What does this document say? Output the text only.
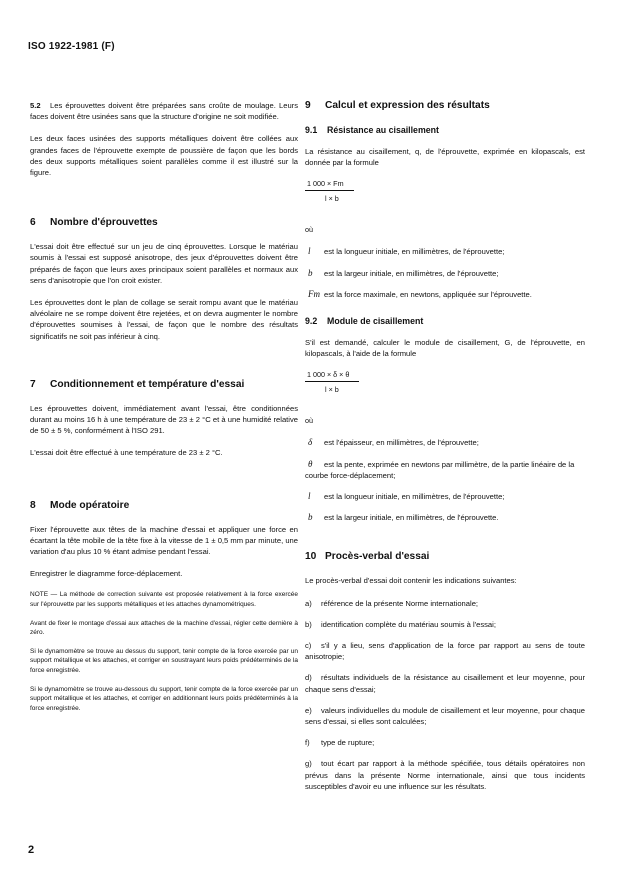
ISO 1922-1981 (F)

5.2 Les éprouvettes doivent être préparées sans croûte de moulage. Leurs faces doivent être usinées sans que la structure d'origine ne soit modifiée.

Les deux faces usinées des supports métalliques doivent être collées aux grandes faces de l'éprouvette exempte de poussière de façon que les bords des deux supports métalliques soient parallèles comme il est illustré sur la figure.

6 Nombre d'éprouvettes

L'essai doit être effectué sur un jeu de cinq éprouvettes. Lorsque le matériau soumis à l'essai est supposé anisotrope, des jeux d'éprouvettes doivent être préparés de façon que leurs axes principaux soient parallèles et normaux aux sens d'anisotropie que l'on croit exister.

Les éprouvettes dont le plan de collage se serait rompu avant que le matériau alvéolaire ne se rompe doivent être rejetées, et on devra augmenter le nombre d'éprouvettes soumises à l'essai, de façon que le nombre des résultats significatifs ne soit pas inférieur à cinq.

7 Conditionnement et température d'essai

Les éprouvettes doivent, immédiatement avant l'essai, être conditionnées durant au moins 16 h à une température de 23 ± 2 °C et à une humidité relative de 50 ± 5 %, conformément à l'ISO 291.

L'essai doit être effectué à une température de 23 ± 2 °C.

8 Mode opératoire

Fixer l'éprouvette aux têtes de la machine d'essai et appliquer une force en écartant la tête mobile de la tête fixe à la vitesse de 1 ± 0,5 mm par minute, une variation d'au plus 10 % étant admise pendant l'essai.

Enregistrer le diagramme force-déplacement.

NOTE — La méthode de correction suivante est proposée relativement à la force exercée sur l'éprouvette par les supports métalliques et les attaches dynamométriques.

Avant de fixer le montage d'essai aux attaches de la machine d'essai, régler cette dernière à zéro.

Si le dynamomètre se trouve au dessus du support, tenir compte de la force exercée par un support métallique et les attaches, et corriger en soustrayant leurs poids prédéterminés de la force enregistrée.

Si le dynamomètre se trouve au-dessous du support, tenir compte de la force exercée par un support métallique et les attaches, et corriger en additionnant leurs poids prédéterminés à la force enregistrée.

9 Calcul et expression des résultats
9.1 Résistance au cisaillement

La résistance au cisaillement, q, de l'éprouvette, exprimée en kilopascals, est donnée par la formule

1 000 × Fm
l × b
où
l est la longueur initiale, en millimètres, de l'éprouvette;
b est la largeur initiale, en millimètres, de l'éprouvette;
Fm est la force maximale, en newtons, appliquée sur l'éprouvette.
9.2 Module de cisaillement

S'il est demandé, calculer le module de cisaillement, G, de l'éprouvette, en kilopascals, à l'aide de la formule

1 000 × δ × θ
l × b
où
δ est l'épaisseur, en millimètres, de l'éprouvette;
θ est la pente, exprimée en newtons par millimètre, de la partie linéaire de la courbe force-déplacement;
l est la longueur initiale, en millimètres, de l'éprouvette;
b est la largeur initiale, en millimètres, de l'éprouvette.
10 Procès-verbal d'essai

Le procès-verbal d'essai doit contenir les indications suivantes:

a) référence de la présente Norme internationale;
b) identification complète du matériau soumis à l'essai;
c) s'il y a lieu, sens d'application de la force par rapport au sens de toute anisotropie;
d) résultats individuels de la résistance au cisaillement et leur moyenne, pour chaque sens d'essai;
e) valeurs individuelles du module de cisaillement et leur moyenne, pour chaque sens d'essai, si elles sont calculées;
f) type de rupture;
g) tout écart par rapport à la méthode spécifiée, tous détails opératoires non prévus dans la présente Norme internationale, ainsi que tous incidents susceptibles d'avoir eu une influence sur les résultats.
2
